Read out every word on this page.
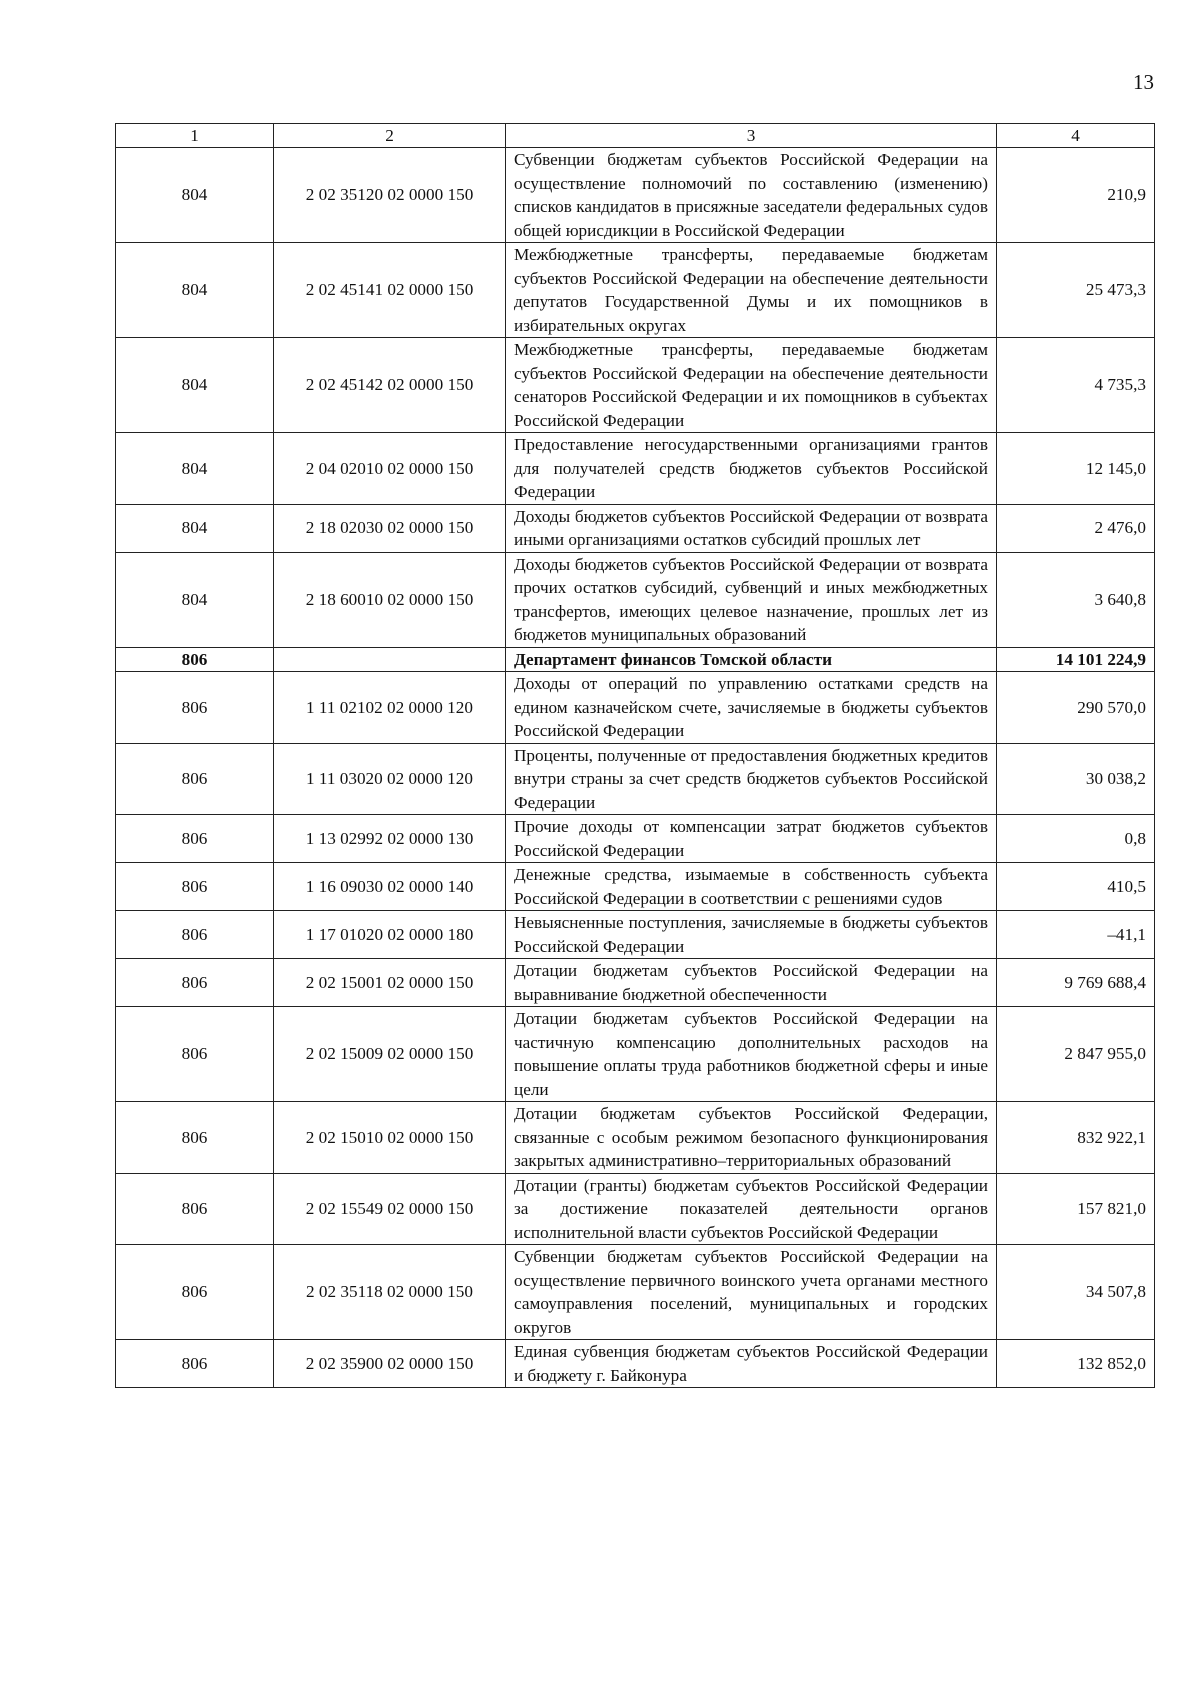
13
1	2	3	4
804	2 02 35120 02 0000 150	Субвенции бюджетам субъектов Российской Федерации на осуществление полномочий по составлению (изменению) списков кандидатов в присяжные заседатели федеральных судов общей юрисдикции в Российской Федерации	210,9
804	2 02 45141 02 0000 150	Межбюджетные трансферты, передаваемые бюджетам субъектов Российской Федерации на обеспечение деятельности депутатов Государственной Думы и их помощников в избирательных округах	25 473,3
804	2 02 45142 02 0000 150	Межбюджетные трансферты, передаваемые бюджетам субъектов Российской Федерации на обеспечение деятельности сенаторов Российской Федерации и их помощников в субъектах Российской Федерации	4 735,3
804	2 04 02010 02 0000 150	Предоставление негосударственными организациями грантов для получателей средств бюджетов субъектов Российской Федерации	12 145,0
804	2 18 02030 02 0000 150	Доходы бюджетов субъектов Российской Федерации от возврата иными организациями остатков субсидий прошлых лет	2 476,0
804	2 18 60010 02 0000 150	Доходы бюджетов субъектов Российской Федерации от возврата прочих остатков субсидий, субвенций и иных межбюджетных трансфертов, имеющих целевое назначение, прошлых лет из бюджетов муниципальных образований	3 640,8
806		Департамент финансов Томской области	14 101 224,9
806	1 11 02102 02 0000 120	Доходы от операций по управлению остатками средств на едином казначейском счете, зачисляемые в бюджеты субъектов Российской Федерации	290 570,0
806	1 11 03020 02 0000 120	Проценты, полученные от предоставления бюджетных кредитов внутри страны за счет средств бюджетов субъектов Российской Федерации	30 038,2
806	1 13 02992 02 0000 130	Прочие доходы от компенсации затрат бюджетов субъектов Российской Федерации	0,8
806	1 16 09030 02 0000 140	Денежные средства, изымаемые в собственность субъекта Российской Федерации в соответствии с решениями судов	410,5
806	1 17 01020 02 0000 180	Невыясненные поступления, зачисляемые в бюджеты субъектов Российской Федерации	–41,1
806	2 02 15001 02 0000 150	Дотации бюджетам субъектов Российской Федерации на выравнивание бюджетной обеспеченности	9 769 688,4
806	2 02 15009 02 0000 150	Дотации бюджетам субъектов Российской Федерации на частичную компенсацию дополнительных расходов на повышение оплаты труда работников бюджетной сферы и иные цели	2 847 955,0
806	2 02 15010 02 0000 150	Дотации бюджетам субъектов Российской Федерации, связанные с особым режимом безопасного функционирования закрытых административно–территориальных образований	832 922,1
806	2 02 15549 02 0000 150	Дотации (гранты) бюджетам субъектов Российской Федерации за достижение показателей деятельности органов исполнительной власти субъектов Российской Федерации	157 821,0
806	2 02 35118 02 0000 150	Субвенции бюджетам субъектов Российской Федерации на осуществление первичного воинского учета органами местного самоуправления поселений, муниципальных и городских округов	34 507,8
806	2 02 35900 02 0000 150	Единая субвенция бюджетам субъектов Российской Федерации и бюджету г. Байконура	132 852,0
